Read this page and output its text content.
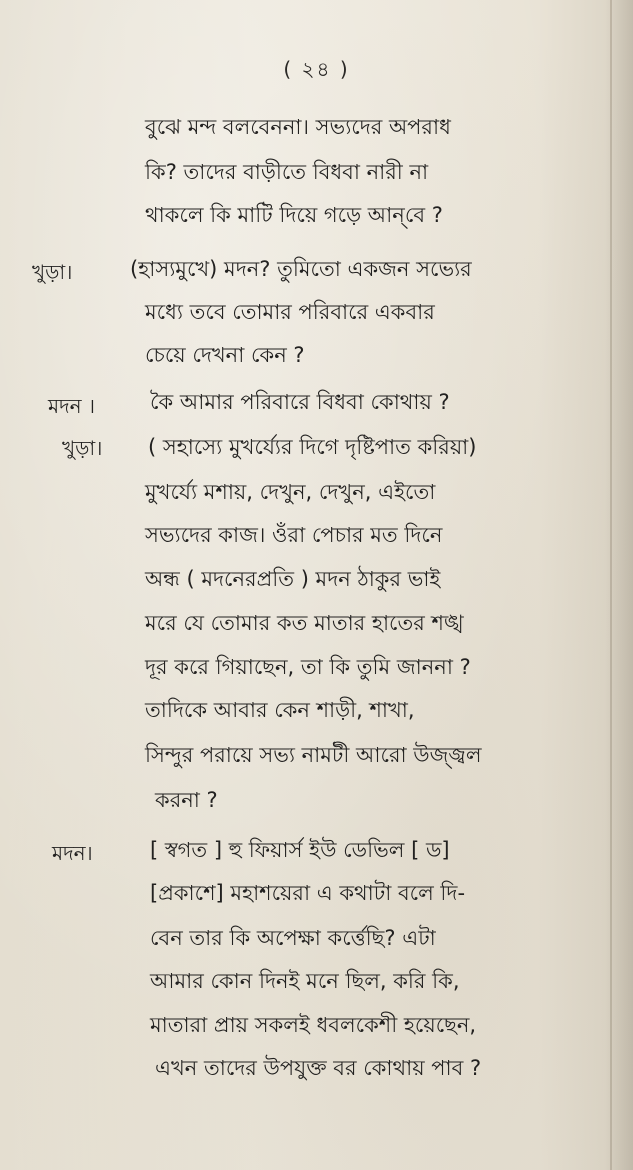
( ২৪ )
খুড়া।
মদন ।
খুড়া।
মদন।
বুঝে মন্দ বলবেননা। সভ্যদের অপরাধ
কি? তাদের বাড়ীতে বিধবা নারী না
থাকলে কি মাটি দিয়ে গড়ে আন্‌বে ?
(হাস্যমুখে) মদন? তুমিতো একজন সভ্যের
মধ্যে তবে তোমার পরিবারে একবার
চেয়ে দেখনা কেন ?
কৈ আমার পরিবারে বিধবা কোথায় ?
( সহাস্যে মুখর্য্যের দিগে দৃষ্টিপাত করিয়া)
মুখর্য্যে মশায়, দেখুন, দেখুন, এইতো
সভ্যদের কাজ। ওঁরা পেচার মত দিনে
অন্ধ ( মদনেরপ্রতি ) মদন ঠাকুর ভাই
মরে যে তোমার কত মাতার হাতের শঙ্খ
দূর করে গিয়াছেন, তা কি তুমি জাননা ?
তাদিকে আবার কেন শাড়ী, শাখা,
সিন্দুর পরায়ে সভ্য নামটী আরো উজ্জ্বল
করনা ?
[ স্বগত ] হু ফিয়ার্স ইউ ডেভিল [ ড]
[প্রকাশে] মহাশয়েরা এ কথাটা বলে দি-
বেন তার কি অপেক্ষা কর্ত্তেছি? এটা
আমার কোন দিনই মনে ছিল, করি কি,
মাতারা প্রায় সকলই ধবলকেশী হয়েছেন,
এখন তাদের উপযুক্ত বর কোথায় পাব ?
